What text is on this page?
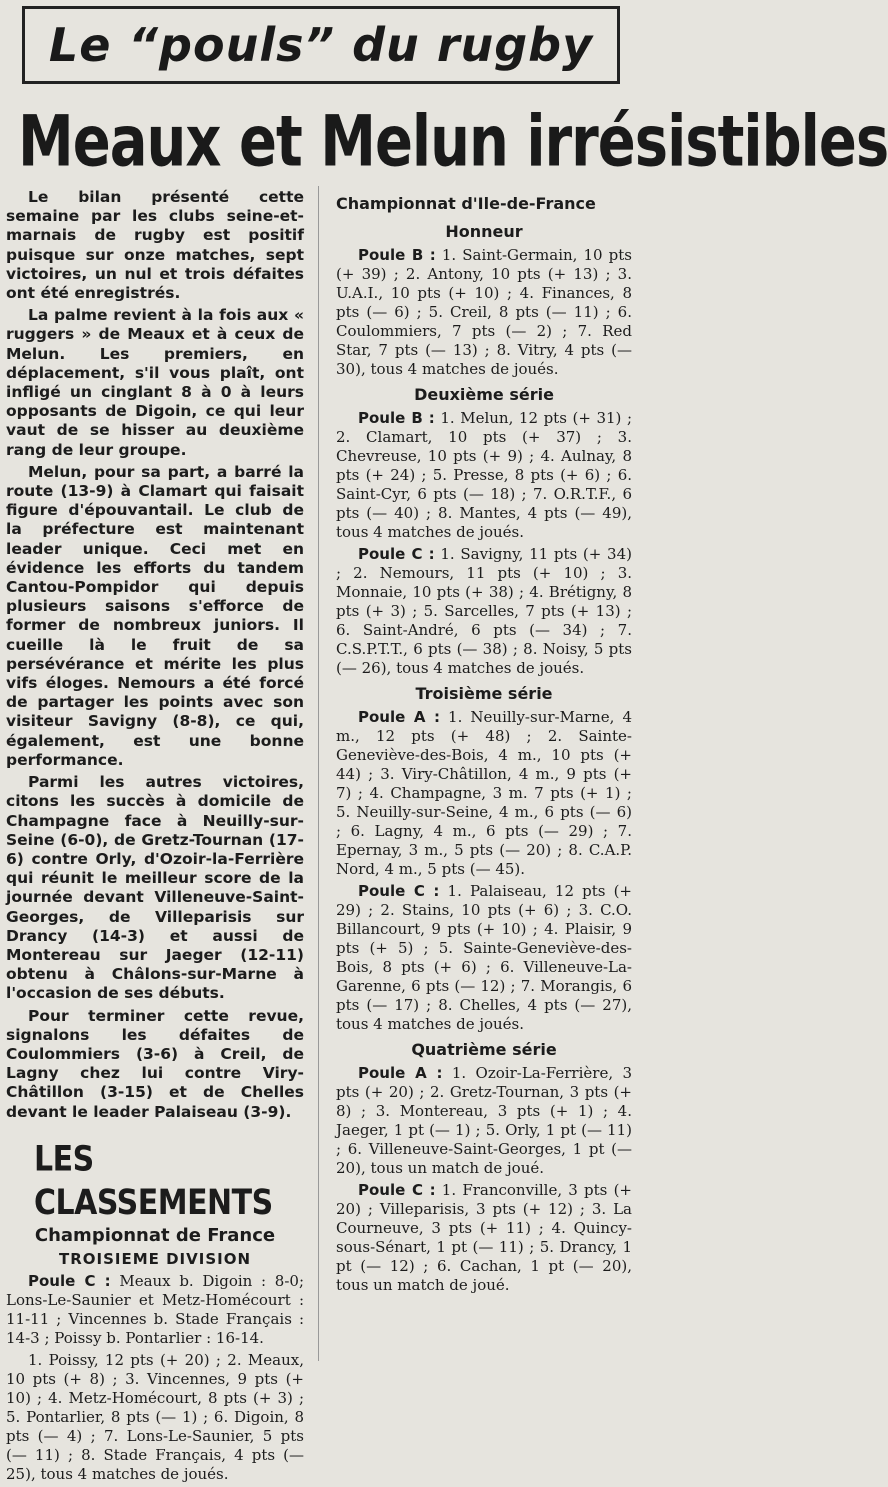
Le “pouls” du rugby
Meaux et Melun irrésistibles

Le bilan présenté cette semaine par les clubs seine-et-marnais de rugby est positif puisque sur onze matches, sept victoires, un nul et trois défaites ont été enregistrés.

La palme revient à la fois aux « ruggers » de Meaux et à ceux de Melun. Les premiers, en déplacement, s'il vous plaît, ont infligé un cinglant 8 à 0 à leurs opposants de Digoin, ce qui leur vaut de se hisser au deuxième rang de leur groupe.

Melun, pour sa part, a barré la route (13-9) à Clamart qui faisait figure d'épouvantail. Le club de la préfecture est maintenant leader unique. Ceci met en évidence les efforts du tandem Cantou-Pompidor qui depuis plusieurs saisons s'efforce de former de nombreux juniors. Il cueille là le fruit de sa persévérance et mérite les plus vifs éloges. Nemours a été forcé de partager les points avec son visiteur Savigny (8-8), ce qui, également, est une bonne performance.

Parmi les autres victoires, citons les succès à domicile de Champagne face à Neuilly-sur-Seine (6-0), de Gretz-Tournan (17-6) contre Orly, d'Ozoir-la-Ferrière qui réunit le meilleur score de la journée devant Villeneuve-Saint-Georges, de Villeparisis sur Drancy (14-3) et aussi de Montereau sur Jaeger (12-11) obtenu à Châlons-sur-Marne à l'occasion de ses débuts.

Pour terminer cette revue, signalons les défaites de Coulommiers (3-6) à Creil, de Lagny chez lui contre Viry-Châtillon (3-15) et de Chelles devant le leader Palaiseau (3-9).

LES CLASSEMENTS
Championnat de France
TROISIEME DIVISION

Poule C : Meaux b. Digoin : 8-0; Lons-Le-Saunier et Metz-Homécourt : 11-11 ; Vincennes b. Stade Français : 14-3 ; Poissy b. Pontarlier : 16-14.

1. Poissy, 12 pts (+ 20) ; 2. Meaux, 10 pts (+ 8) ; 3. Vincennes, 9 pts (+ 10) ; 4. Metz-Homécourt, 8 pts (+ 3) ; 5. Pontarlier, 8 pts (— 1) ; 6. Digoin, 8 pts (— 4) ; 7. Lons-Le-Saunier, 5 pts (— 11) ; 8. Stade Français, 4 pts (— 25), tous 4 matches de joués.

Championnat d'Ile-de-France
Honneur

Poule B : 1. Saint-Germain, 10 pts (+ 39) ; 2. Antony, 10 pts (+ 13) ; 3. U.A.I., 10 pts (+ 10) ; 4. Finances, 8 pts (— 6) ; 5. Creil, 8 pts (— 11) ; 6. Coulommiers, 7 pts (— 2) ; 7. Red Star, 7 pts (— 13) ; 8. Vitry, 4 pts (— 30), tous 4 matches de joués.

Deuxième série

Poule B : 1. Melun, 12 pts (+ 31) ; 2. Clamart, 10 pts (+ 37) ; 3. Chevreuse, 10 pts (+ 9) ; 4. Aulnay, 8 pts (+ 24) ; 5. Presse, 8 pts (+ 6) ; 6. Saint-Cyr, 6 pts (— 18) ; 7. O.R.T.F., 6 pts (— 40) ; 8. Mantes, 4 pts (— 49), tous 4 matches de joués.

Poule C : 1. Savigny, 11 pts (+ 34) ; 2. Nemours, 11 pts (+ 10) ; 3. Monnaie, 10 pts (+ 38) ; 4. Brétigny, 8 pts (+ 3) ; 5. Sarcelles, 7 pts (+ 13) ; 6. Saint-André, 6 pts (— 34) ; 7. C.S.P.T.T., 6 pts (— 38) ; 8. Noisy, 5 pts (— 26), tous 4 matches de joués.

Troisième série

Poule A : 1. Neuilly-sur-Marne, 4 m., 12 pts (+ 48) ; 2. Sainte-Geneviève-des-Bois, 4 m., 10 pts (+ 44) ; 3. Viry-Châtillon, 4 m., 9 pts (+ 7) ; 4. Champagne, 3 m. 7 pts (+ 1) ; 5. Neuilly-sur-Seine, 4 m., 6 pts (— 6) ; 6. Lagny, 4 m., 6 pts (— 29) ; 7. Epernay, 3 m., 5 pts (— 20) ; 8. C.A.P. Nord, 4 m., 5 pts (— 45).

Poule C : 1. Palaiseau, 12 pts (+ 29) ; 2. Stains, 10 pts (+ 6) ; 3. C.O. Billancourt, 9 pts (+ 10) ; 4. Plaisir, 9 pts (+ 5) ; 5. Sainte-Geneviève-des-Bois, 8 pts (+ 6) ; 6. Villeneuve-La-Garenne, 6 pts (— 12) ; 7. Morangis, 6 pts (— 17) ; 8. Chelles, 4 pts (— 27), tous 4 matches de joués.

Quatrième série

Poule A : 1. Ozoir-La-Ferrière, 3 pts (+ 20) ; 2. Gretz-Tournan, 3 pts (+ 8) ; 3. Montereau, 3 pts (+ 1) ; 4. Jaeger, 1 pt (— 1) ; 5. Orly, 1 pt (— 11) ; 6. Villeneuve-Saint-Georges, 1 pt (— 20), tous un match de joué.

Poule C : 1. Franconville, 3 pts (+ 20) ; Villeparisis, 3 pts (+ 12) ; 3. La Courneuve, 3 pts (+ 11) ; 4. Quincy-sous-Sénart, 1 pt (— 11) ; 5. Drancy, 1 pt (— 12) ; 6. Cachan, 1 pt (— 20), tous un match de joué.
